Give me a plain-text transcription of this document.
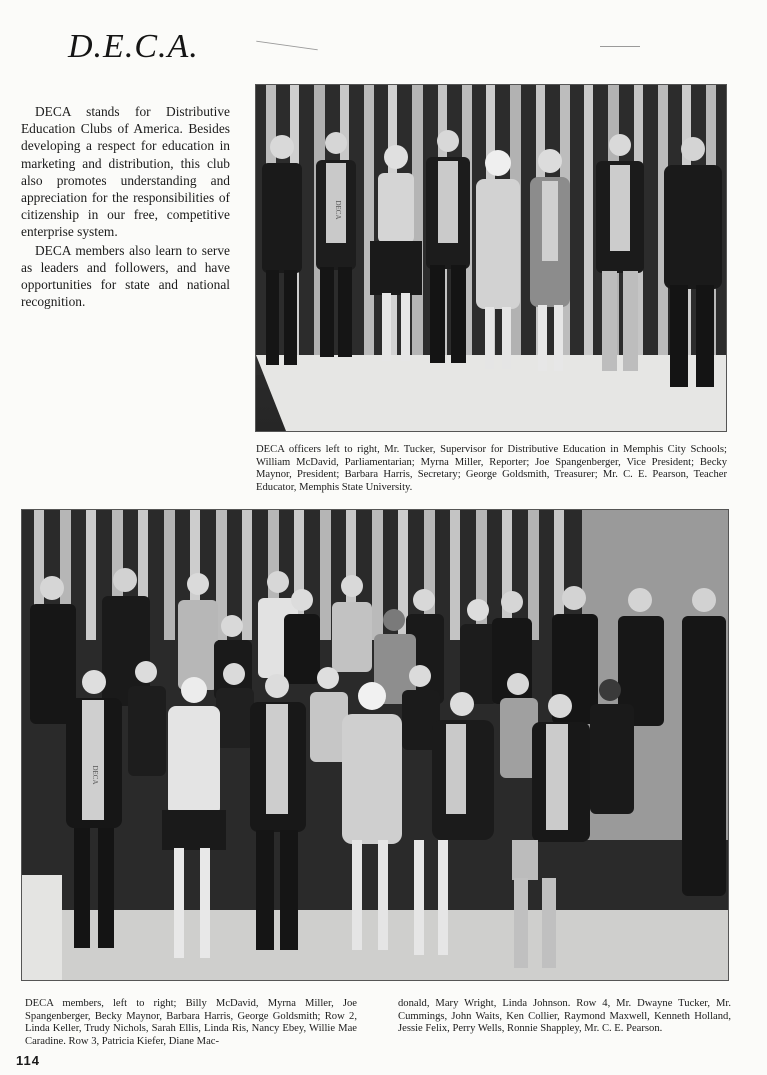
D.E.C.A.

DECA stands for Distributive Education Clubs of America. Besides developing a respect for education in marketing and distribution, this club also promotes understanding and appreciation for the responsibilities of citizenship in our free, competitive enterprise system.

DECA members also learn to serve as leaders and followers, and have opportunities for state and national recognition.

DECA
DECA officers left to right, Mr. Tucker, Supervisor for Distributive Education in Memphis City Schools; William McDavid, Parliamentarian; Myrna Miller, Reporter; Joe Spangenberger, Vice President; Becky Maynor, President; Barbara Harris, Secretary; George Goldsmith, Treasurer; Mr. C. E. Pearson, Teacher Educator, Memphis State University.
DECA
DECA members, left to right; Billy McDavid, Myrna Miller, Joe Spangenberger, Becky Maynor, Barbara Harris, George Goldsmith; Row 2, Linda Keller, Trudy Nichols, Sarah Ellis, Linda Ris, Nancy Ebey, Willie Mae Caradine. Row 3, Patricia Kiefer, Diane Mac-
donald, Mary Wright, Linda Johnson. Row 4, Mr. Dwayne Tucker, Mr. Cummings, John Waits, Ken Collier, Raymond Maxwell, Kenneth Holland, Jessie Felix, Perry Wells, Ronnie Shappley, Mr. C. E. Pearson.
114
